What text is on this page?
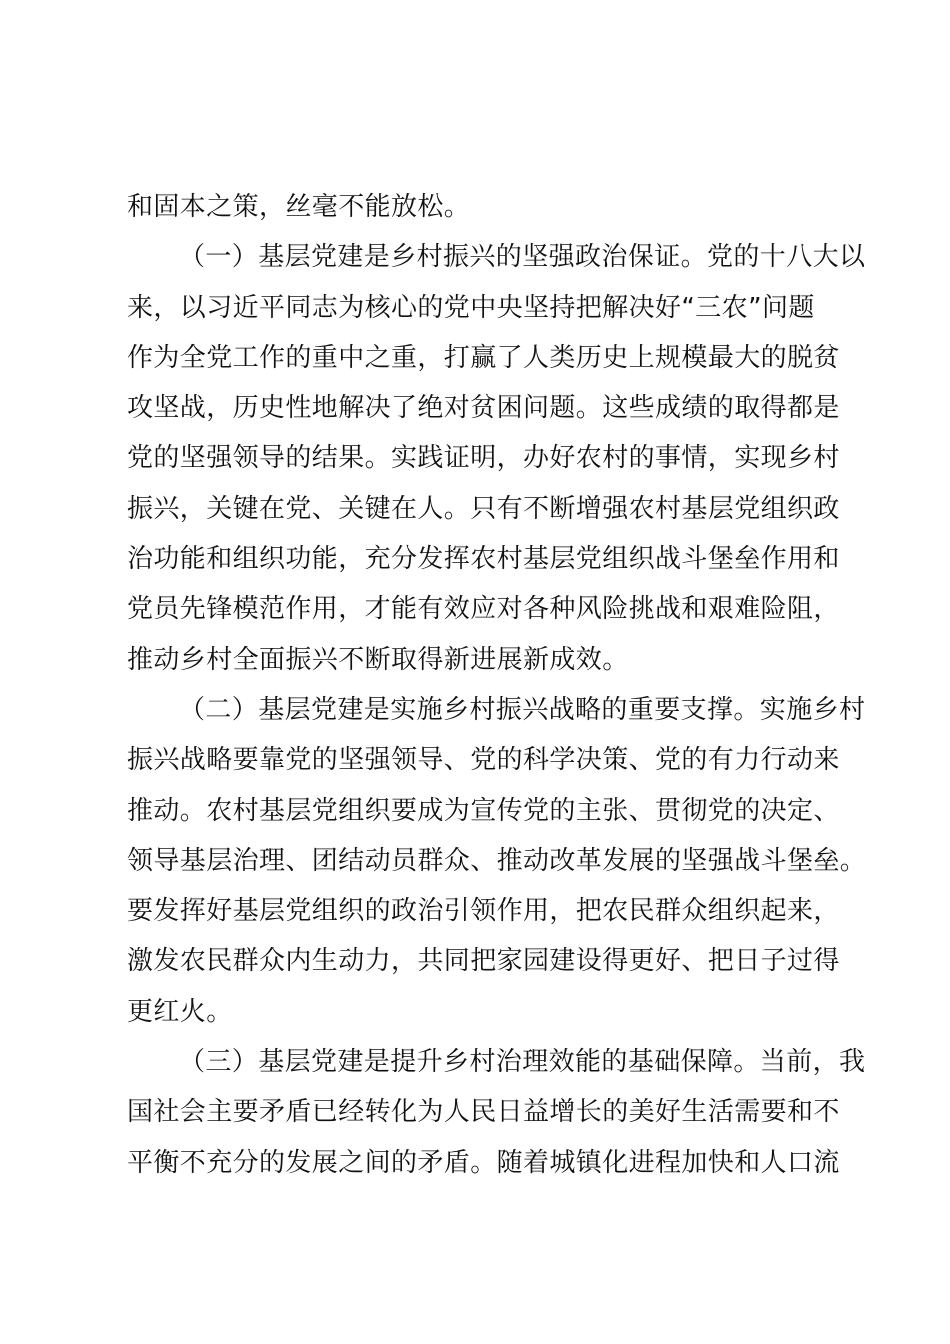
和固本之策，丝毫不能放松。
（一）基层党建是乡村振兴的坚强政治保证。党的十八大以
来，以习近平同志为核心的党中央坚持把解决好“三农”问题
作为全党工作的重中之重，打赢了人类历史上规模最大的脱贫
攻坚战，历史性地解决了绝对贫困问题。这些成绩的取得都是
党的坚强领导的结果。实践证明，办好农村的事情，实现乡村
振兴，关键在党、关键在人。只有不断增强农村基层党组织政
治功能和组织功能，充分发挥农村基层党组织战斗堡垒作用和
党员先锋模范作用，才能有效应对各种风险挑战和艰难险阻，
推动乡村全面振兴不断取得新进展新成效。
（二）基层党建是实施乡村振兴战略的重要支撑。实施乡村
振兴战略要靠党的坚强领导、党的科学决策、党的有力行动来
推动。农村基层党组织要成为宣传党的主张、贯彻党的决定、
领导基层治理、团结动员群众、推动改革发展的坚强战斗堡垒。
要发挥好基层党组织的政治引领作用，把农民群众组织起来，
激发农民群众内生动力，共同把家园建设得更好、把日子过得
更红火。
（三）基层党建是提升乡村治理效能的基础保障。当前，我
国社会主要矛盾已经转化为人民日益增长的美好生活需要和不
平衡不充分的发展之间的矛盾。随着城镇化进程加快和人口流
